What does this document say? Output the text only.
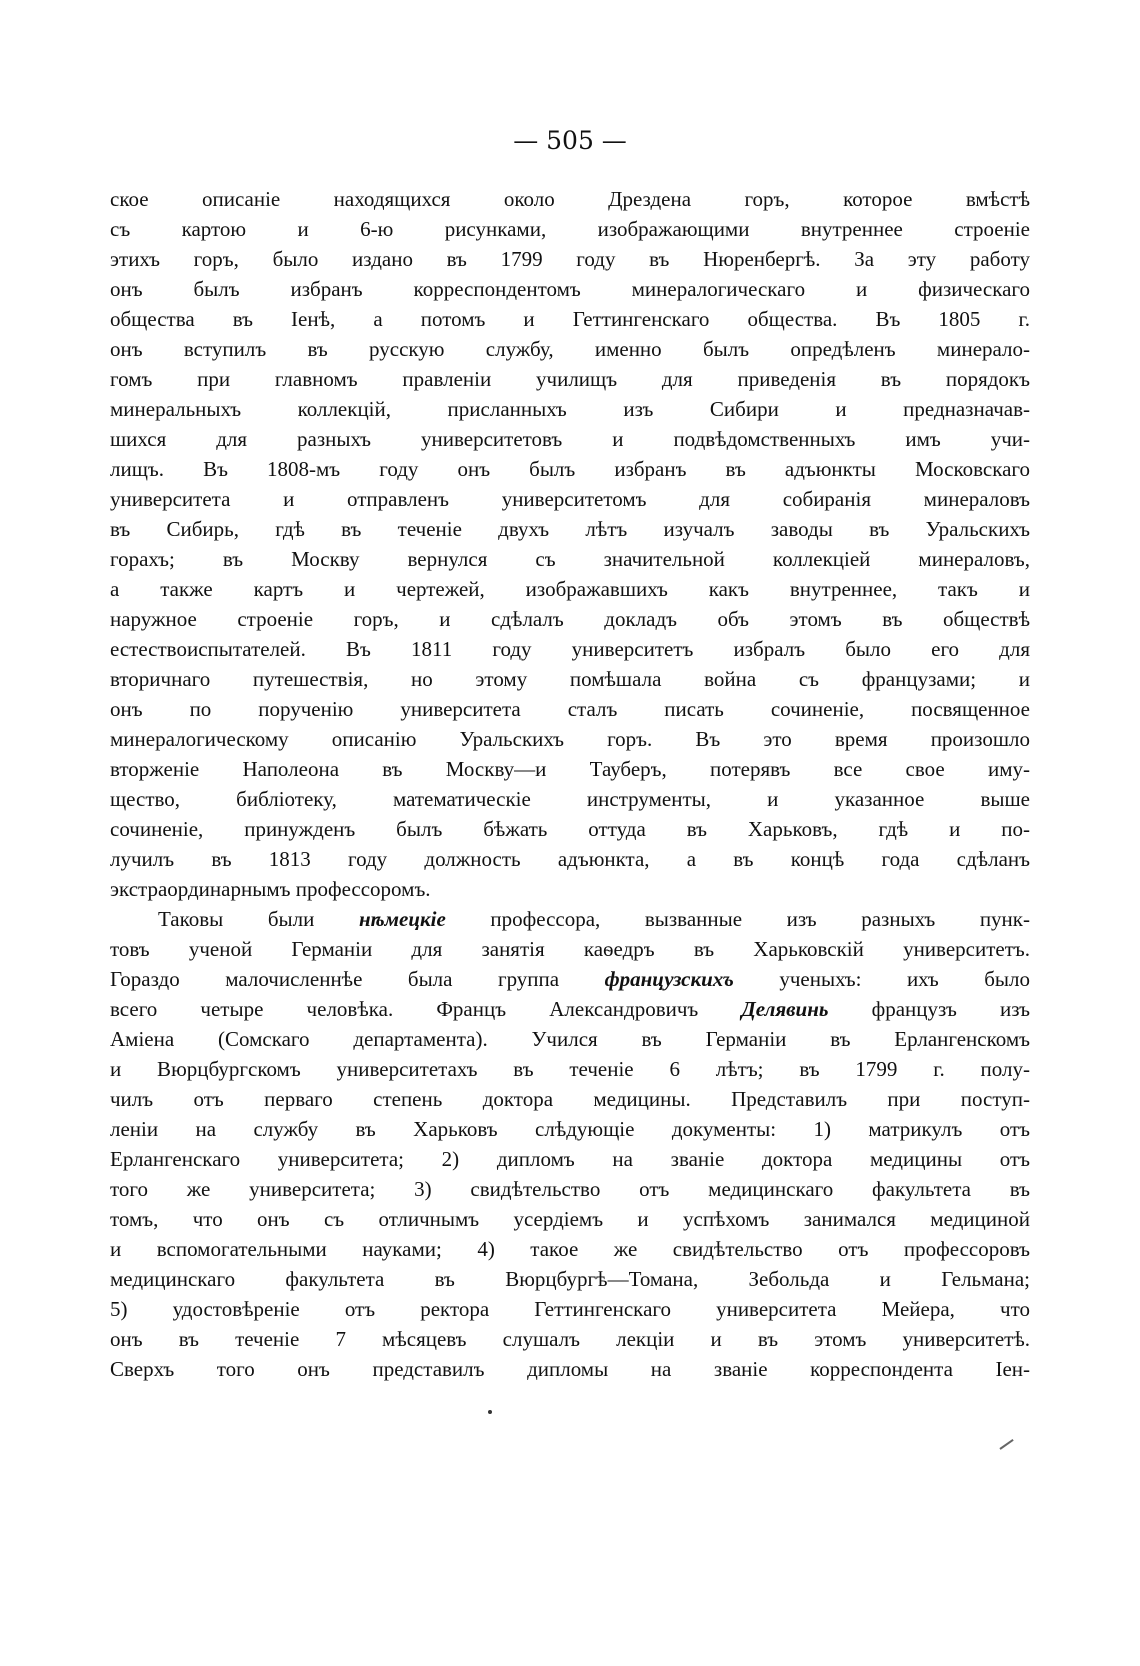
— 505 —
ское описаніе находящихся около Дрездена горъ, которое вмѣстѣ
съ картою и 6-ю рисунками, изображающими внутреннее строеніе
этихъ горъ, было издано въ 1799 году въ Нюренбергѣ. За эту работу
онъ былъ избранъ корреспондентомъ минералогическаго и физическаго
общества въ Іенѣ, а потомъ и Геттингенскаго общества. Въ 1805 г.
онъ вступилъ въ русскую службу, именно былъ опредѣленъ минерало-
гомъ при главномъ правленіи училищъ для приведенія въ порядокъ
минеральныхъ коллекцій, присланныхъ изъ Сибири и предназначав-
шихся для разныхъ университетовъ и подвѣдомственныхъ имъ учи-
лищъ. Въ 1808-мъ году онъ былъ избранъ въ адъюнкты Московскаго
университета и отправленъ университетомъ для собиранія минераловъ
въ Сибирь, гдѣ въ теченіе двухъ лѣтъ изучалъ заводы въ Уральскихъ
горахъ; въ Москву вернулся съ значительной коллекціей минераловъ,
а также картъ и чертежей, изображавшихъ какъ внутреннее, такъ и
наружное строеніе горъ, и сдѣлалъ докладъ объ этомъ въ обществѣ
естествоиспытателей. Въ 1811 году университетъ избралъ было его для
вторичнаго путешествія, но этому помѣшала война съ французами; и
онъ по порученію университета сталъ писать сочиненіе, посвященное
минералогическому описанію Уральскихъ горъ. Въ это время произошло
вторженіе Наполеона въ Москву—и Тауберъ, потерявъ все свое иму-
щество, библіотеку, математическіе инструменты, и указанное выше
сочиненіе, принужденъ былъ бѣжать оттуда въ Харьковъ, гдѣ и по-
лучилъ въ 1813 году должность адъюнкта, а въ концѣ года сдѣланъ
экстраординарнымъ профессоромъ.
Таковы были нѣмецкіе профессора, вызванные изъ разныхъ пунк-
товъ ученой Германіи для занятія каѳедръ въ Харьковскій университетъ.
Гораздо малочисленнѣе была группа французскихъ ученыхъ: ихъ было
всего четыре человѣка. Францъ Александровичъ Делявинь французъ изъ
Аміена (Сомскаго департамента). Учился въ Германіи въ Ерлангенскомъ
и Вюрцбургскомъ университетахъ въ теченіе 6 лѣтъ; въ 1799 г. полу-
чилъ отъ перваго степень доктора медицины. Представилъ при поступ-
леніи на службу въ Харьковъ слѣдующіе документы: 1) матрикулъ отъ
Ерлангенскаго университета; 2) дипломъ на званіе доктора медицины отъ
того же университета; 3) свидѣтельство отъ медицинскаго факультета въ
томъ, что онъ съ отличнымъ усердіемъ и успѣхомъ занимался медициной
и вспомогательными науками; 4) такое же свидѣтельство отъ профессоровъ
медицинскаго факультета въ Вюрцбургѣ—Томана, Зебольда и Гельмана;
5) удостовѣреніе отъ ректора Геттингенскаго университета Мейера, что
онъ въ теченіе 7 мѣсяцевъ слушалъ лекціи и въ этомъ университетѣ.
Сверхъ того онъ представилъ дипломы на званіе корреспондента Іен-
